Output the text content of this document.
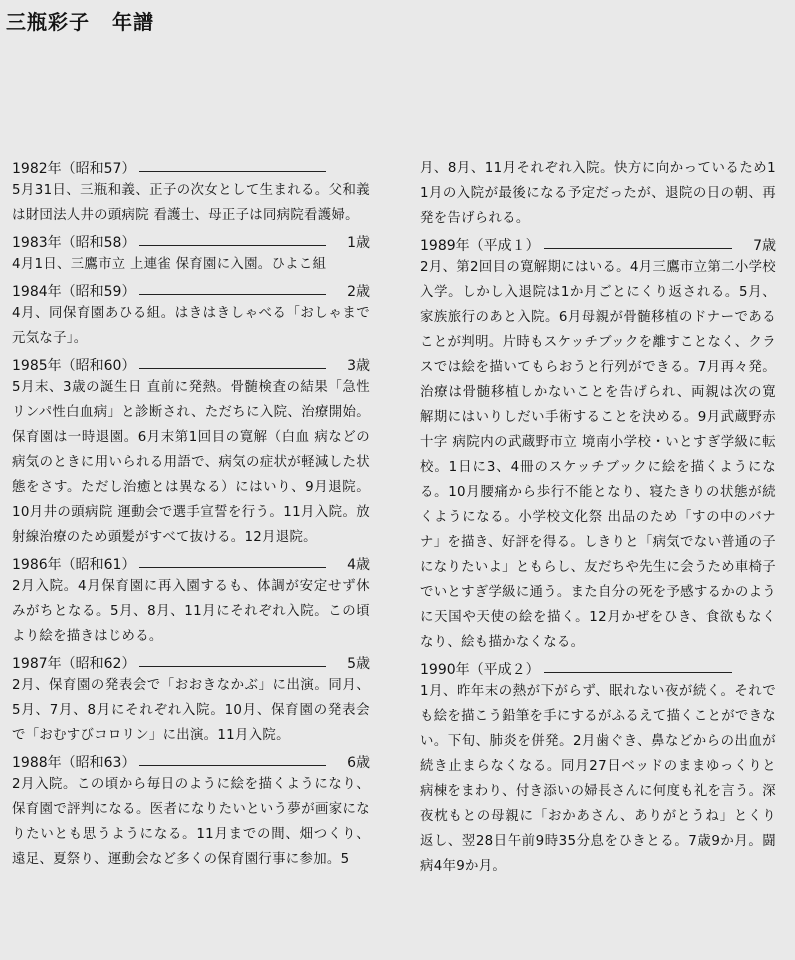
三瓶彩子 年譜
1982年（昭和57）

5月31日、三瓶和義、正子の次女として生まれる。父和義は財団法人井の頭病院 看護士、母正子は同病院看護婦。

1983年（昭和58）	1歳

4月1日、三鷹市立 上連雀 保育園に入園。ひよこ組

1984年（昭和59）	2歳

4月、同保育園あひる組。はきはきしゃべる「おしゃまで元気な子」。

1985年（昭和60）	3歳

5月末、3歳の誕生日 直前に発熱。骨髄検査の結果「急性リンパ性白血病」と診断され、ただちに入院、治療開始。保育園は一時退園。6月末第1回目の寛解（白血 病などの病気のときに用いられる用語で、病気の症状が軽減した状態をさす。ただし治癒とは異なる）にはいり、9月退院。10月井の頭病院 運動会で選手宣誓を行う。11月入院。放射線治療のため頭髪がすべて抜ける。12月退院。

1986年（昭和61）	4歳

2月入院。4月保育園に再入園するも、体調が安定せず休みがちとなる。5月、8月、11月にそれぞれ入院。この頃より絵を描きはじめる。

1987年（昭和62）	5歳

2月、保育園の発表会で「おおきなかぶ」に出演。同月、5月、7月、8月にそれぞれ入院。10月、保育園の発表会で「おむすびコロリン」に出演。11月入院。

1988年（昭和63）	6歳

2月入院。この頃から毎日のように絵を描くようになり、保育園で評判になる。医者になりたいという夢が画家になりたいとも思うようになる。11月までの間、畑つくり、遠足、夏祭り、運動会など多くの保育園行事に参加。5

月、8月、11月それぞれ入院。快方に向かっているため11月の入院が最後になる予定だったが、退院の日の朝、再発を告げられる。

1989年（平成１）	7歳

2月、第2回目の寛解期にはいる。4月三鷹市立第二小学校 入学。しかし入退院は1か月ごとにくり返される。5月、家族旅行のあと入院。6月母親が骨髄移植のドナーであることが判明。片時もスケッチブックを離すことなく、クラスでは絵を描いてもらおうと行列ができる。7月再々発。治療は骨髄移植しかないことを告げられ、両親は次の寛解期にはいりしだい手術することを決める。9月武蔵野赤十字 病院内の武蔵野市立 境南小学校・いとすぎ学級に転校。1日に3、4冊のスケッチブックに絵を描くようになる。10月腰痛から歩行不能となり、寝たきりの状態が続くようになる。小学校文化祭 出品のため「すの中のバナナ」を描き、好評を得る。しきりと「病気でない普通の子になりたいよ」ともらし、友だちや先生に会うため車椅子でいとすぎ学級に通う。また自分の死を予感するかのように天国や天使の絵を描く。12月かぜをひき、食欲もなくなり、絵も描かなくなる。

1990年（平成２）

1月、昨年末の熱が下がらず、眠れない夜が続く。それでも絵を描こう鉛筆を手にするがふるえて描くことができない。下旬、肺炎を併発。2月歯ぐき、鼻などからの出血が続き止まらなくなる。同月27日ベッドのままゆっくりと病棟をまわり、付き添いの婦長さんに何度も礼を言う。深夜枕もとの母親に「おかあさん、ありがとうね」とくり返し、翌28日午前9時35分息をひきとる。7歳9か月。闘病4年9か月。
